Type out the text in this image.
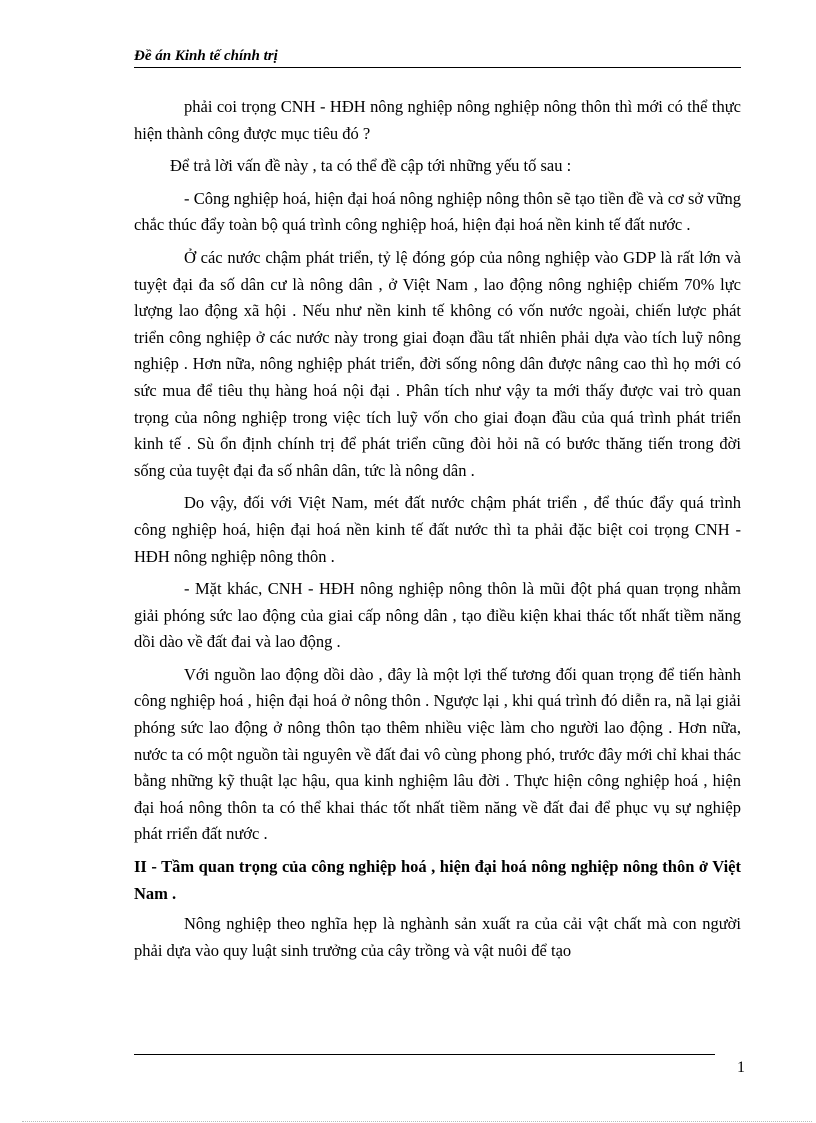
Đề án Kinh tế chính trị

phải coi trọng CNH - HĐH nông nghiệp nông nghiệp nông thôn thì mới có thể thực hiện thành công được mục tiêu đó ?

Để trả lời vấn đề này , ta có thể đề cập tới những yếu tố sau :

- Công nghiệp hoá, hiện đại hoá nông nghiệp nông thôn sẽ tạo tiền đề và cơ sở vững chắc thúc đẩy toàn bộ quá trình công nghiệp hoá, hiện đại hoá nền kinh tế đất nước .

Ở các nước chậm phát triển, tỷ lệ đóng góp của nông nghiệp vào GDP là rất lớn và tuyệt đại đa số dân cư là nông dân , ở Việt Nam , lao động nông nghiệp chiếm 70% lực lượng lao động xã hội . Nếu như nền kinh tế không có vốn nước ngoài, chiến lược phát triển công nghiệp ở các nước này trong giai đoạn đầu tất nhiên phải dựa vào tích luỹ nông nghiệp . Hơn nữa, nông nghiệp phát triển, đời sống nông dân được nâng cao thì họ mới có sức mua để tiêu thụ hàng hoá nội đại . Phân tích như vậy ta mới thấy được vai trò quan trọng của nông nghiệp trong việc tích luỹ vốn cho giai đoạn đầu của quá trình phát triển kinh tế . Sù ổn định chính trị để phát triển cũng đòi hỏi nã có bước thăng tiến trong đời sống của tuyệt đại đa số nhân dân, tức là nông dân .

Do vậy, đối với Việt Nam, mét đất nước chậm phát triển , để thúc đẩy quá trình công nghiệp hoá, hiện đại hoá nền kinh tế đất nước thì ta phải đặc biệt coi trọng CNH - HĐH nông nghiệp nông thôn .

- Mặt khác, CNH - HĐH nông nghiệp nông thôn là mũi đột phá quan trọng nhằm giải phóng sức lao động của giai cấp nông dân , tạo điều kiện khai thác tốt nhất tiềm năng dồi dào về đất đai và lao động .

Với nguồn lao động dồi dào , đây là một lợi thế tương đối quan trọng để tiến hành công nghiệp hoá , hiện đại hoá ở nông thôn . Ngược lại , khi quá trình đó diễn ra, nã lại giải phóng sức lao động ở nông thôn tạo thêm nhiều việc làm cho người lao động . Hơn nữa, nước ta có một nguồn tài nguyên về đất đai vô cùng phong phó, trước đây mới chỉ khai thác bằng những kỹ thuật lạc hậu, qua kinh nghiệm lâu đời . Thực hiện công nghiệp hoá , hiện đại hoá nông thôn ta có thể khai thác tốt nhất tiềm năng về đất đai để phục vụ sự nghiệp phát rriển đất nước .

II - Tầm quan trọng của công nghiệp hoá , hiện đại hoá nông nghiệp nông thôn ở Việt Nam .

Nông nghiệp theo nghĩa hẹp là nghành sản xuất ra của cải vật chất mà con người phải dựa vào quy luật sinh trưởng của cây trồng và vật nuôi để tạo

1
